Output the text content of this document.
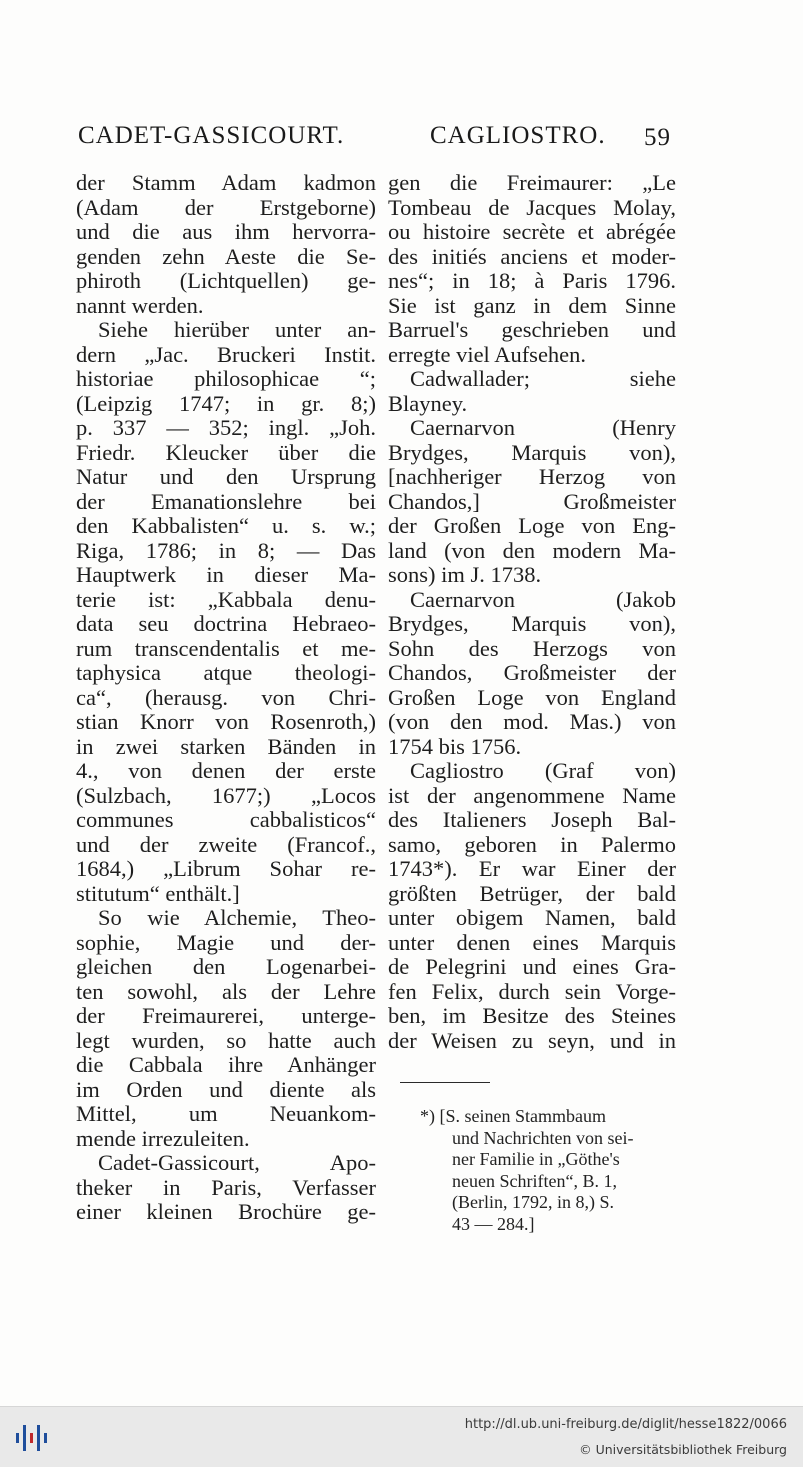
CADET-GASSICOURT.	CAGLIOSTRO. 59
der Stamm Adam kadmon
(Adam der Erstgeborne)
und die aus ihm hervorra-
genden zehn Aeste die Se-
phiroth (Lichtquellen) ge-
nannt werden.
Siehe hierüber unter an-
dern „Jac. Bruckeri Instit.
historiae philosophicae “;
(Leipzig 1747; in gr. 8;)
p. 337 — 352; ingl. „Joh.
Friedr. Kleucker über die
Natur und den Ursprung
der Emanationslehre bei
den Kabbalisten“ u. s. w.;
Riga, 1786; in 8; — Das
Hauptwerk in dieser Ma-
terie ist: „Kabbala denu-
data seu doctrina Hebraeo-
rum transcendentalis et me-
taphysica atque theologi-
ca“, (herausg. von Chri-
stian Knorr von Rosenroth,)
in zwei starken Bänden in
4., von denen der erste
(Sulzbach, 1677;) „Locos
communes cabbalisticos“
und der zweite (Francof.,
1684,) „Librum Sohar re-
stitutum“ enthält.]
So wie Alchemie, Theo-
sophie, Magie und der-
gleichen den Logenarbei-
ten sowohl, als der Lehre
der Freimaurerei, unterge-
legt wurden, so hatte auch
die Cabbala ihre Anhänger
im Orden und diente als
Mittel, um Neuankom-
mende irrezuleiten.
Cadet-Gassicourt, Apo-
theker in Paris, Verfasser
einer kleinen Brochüre ge-
gen die Freimaurer: „Le
Tombeau de Jacques Molay,
ou histoire secrète et abrégée
des initiés anciens et moder-
nes“; in 18; à Paris 1796.
Sie ist ganz in dem Sinne
Barruel's geschrieben und
erregte viel Aufsehen.
Cadwallader; siehe
Blayney.
Caernarvon (Henry
Brydges, Marquis von),
[nachheriger Herzog von
Chandos,] Großmeister
der Großen Loge von Eng-
land (von den modern Ma-
sons) im J. 1738.
Caernarvon (Jakob
Brydges, Marquis von),
Sohn des Herzogs von
Chandos, Großmeister der
Großen Loge von England
(von den mod. Mas.) von
1754 bis 1756.
Cagliostro (Graf von)
ist der angenommene Name
des Italieners Joseph Bal-
samo, geboren in Palermo
1743*). Er war Einer der
größten Betrüger, der bald
unter obigem Namen, bald
unter denen eines Marquis
de Pelegrini und eines Gra-
fen Felix, durch sein Vorge-
ben, im Besitze des Steines
der Weisen zu seyn, und in
*) [S. seinen Stammbaum
und Nachrichten von sei-
ner Familie in „Göthe's
neuen Schriften“, B. 1,
(Berlin, 1792, in 8,) S.
43 — 284.]
http://dl.ub.uni-freiburg.de/diglit/hesse1822/0066
© Universitätsbibliothek Freiburg
